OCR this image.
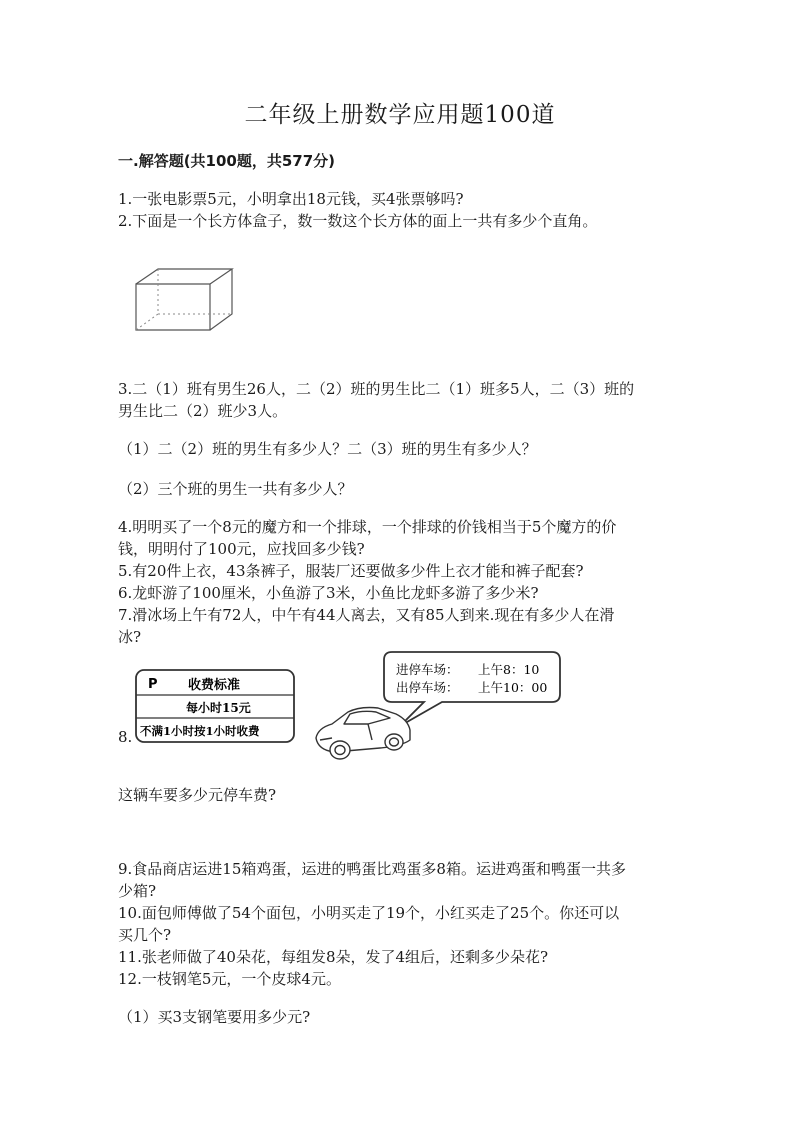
二年级上册数学应用题100道
一.解答题(共100题，共577分)
1.一张电影票5元，小明拿出18元钱，买4张票够吗?
2.下面是一个长方体盒子，数一数这个长方体的面上一共有多少个直角。
3.二（1）班有男生26人，二（2）班的男生比二（1）班多5人，二（3）班的
男生比二（2）班少3人。
（1）二（2）班的男生有多少人？二（3）班的男生有多少人？
（2）三个班的男生一共有多少人？
4.明明买了一个8元的魔方和一个排球，一个排球的价钱相当于5个魔方的价
钱，明明付了100元，应找回多少钱?
5.有20件上衣，43条裤子，服装厂还要做多少件上衣才能和裤子配套?
6.龙虾游了100厘米，小鱼游了3米，小鱼比龙虾多游了多少米?
7.滑冰场上午有72人，中午有44人离去，又有85人到来.现在有多少人在滑
冰?
8.
P 收费标准
每小时15元
不满1小时按1小时收费
进停车场： 上午8：10
出停车场： 上午10：00
这辆车要多少元停车费?
9.食品商店运进15箱鸡蛋，运进的鸭蛋比鸡蛋多8箱。运进鸡蛋和鸭蛋一共多
少箱?
10.面包师傅做了54个面包，小明买走了19个，小红买走了25个。你还可以
买几个?
11.张老师做了40朵花，每组发8朵，发了4组后，还剩多少朵花?
12.一枝钢笔5元，一个皮球4元。
（1）买3支钢笔要用多少元?
